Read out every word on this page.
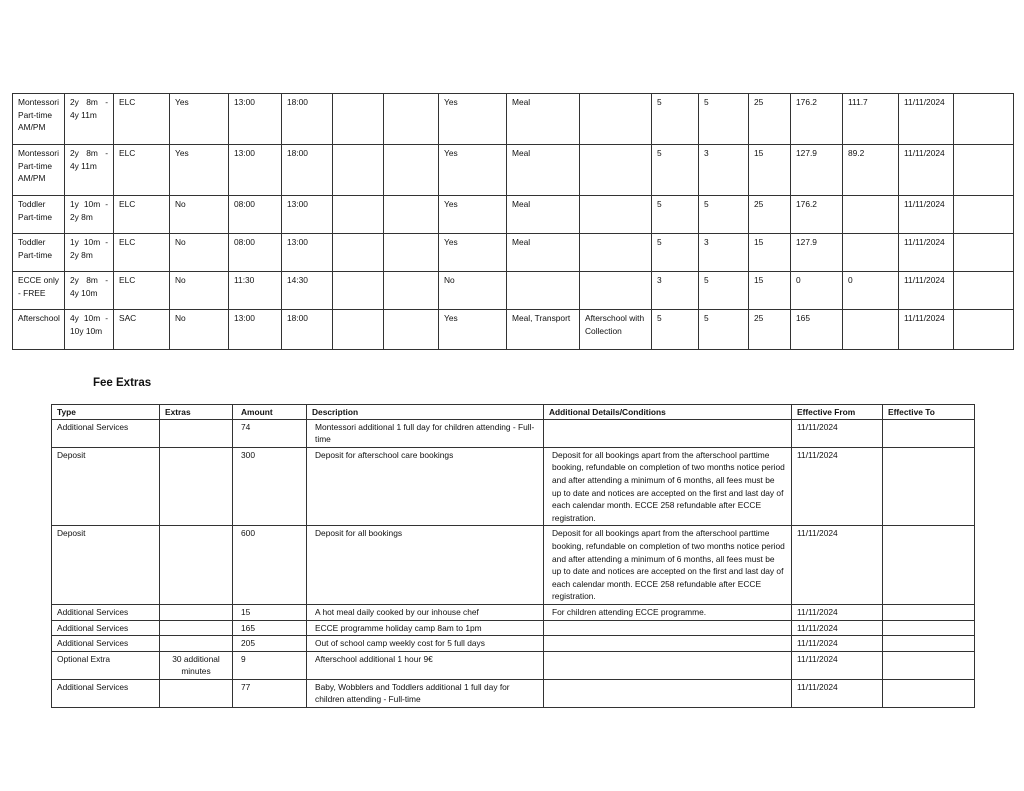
Montessori Part-time AM/PM	2y 8m - 4y 11m	ELC	Yes	13:00	18:00			Yes	Meal		5	5	25	176.2	111.7	11/11/2024	
Montessori Part-time AM/PM	2y 8m - 4y 11m	ELC	Yes	13:00	18:00			Yes	Meal		5	3	15	127.9	89.2	11/11/2024	
Toddler Part-time	1y 10m - 2y 8m	ELC	No	08:00	13:00			Yes	Meal		5	5	25	176.2		11/11/2024	
Toddler Part-time	1y 10m - 2y 8m	ELC	No	08:00	13:00			Yes	Meal		5	3	15	127.9		11/11/2024	
ECCE only - FREE	2y 8m - 4y 10m	ELC	No	11:30	14:30			No			3	5	15	0	0	11/11/2024	
Afterschool	4y 10m - 10y 10m	SAC	No	13:00	18:00			Yes	Meal, Transport	Afterschool with Collection	5	5	25	165		11/11/2024	
Fee Extras
Type	Extras	Amount	Description	Additional Details/Conditions	Effective From	Effective To
Additional Services		74	Montessori additional 1 full day for children attending - Full-time		11/11/2024	
Deposit		300	Deposit for afterschool care bookings	Deposit for all bookings apart from the afterschool parttime booking, refundable on completion of two months notice period and after attending a minimum of 6 months, all fees must be up to date and notices are accepted on the first and last day of each calendar month. ECCE 258 refundable after ECCE registration.	11/11/2024	
Deposit		600	Deposit for all bookings	Deposit for all bookings apart from the afterschool parttime booking, refundable on completion of two months notice period and after attending a minimum of 6 months, all fees must be up to date and notices are accepted on the first and last day of each calendar month. ECCE 258 refundable after ECCE registration.	11/11/2024	
Additional Services		15	A hot meal daily cooked by our inhouse chef	For children attending ECCE programme.	11/11/2024	
Additional Services		165	ECCE programme holiday camp 8am to 1pm		11/11/2024	
Additional Services		205	Out of school camp weekly cost for 5 full days		11/11/2024	
Optional Extra	30 additional minutes	9	Afterschool additional 1 hour 9€		11/11/2024	
Additional Services		77	Baby, Wobblers and Toddlers additional 1 full day for children attending - Full-time		11/11/2024	
